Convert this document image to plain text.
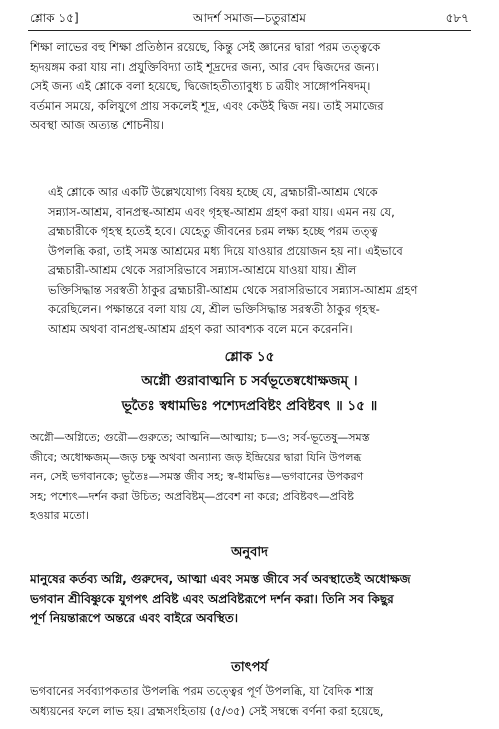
শ্লোক ১৫]	আদর্শ সমাজ—চতুরাশ্রম	৫৮৭
শিক্ষা লাভের বহু শিক্ষা প্রতিষ্ঠান রয়েছে, কিন্তু সেই জ্ঞানের দ্বারা পরম তত্ত্বকে
হৃদয়ঙ্গম করা যায় না। প্রযুক্তিবিদ্যা তাই শূদ্রদের জন্য, আর বেদ দ্বিজদের জন্য।
সেই জন্য এই শ্লোকে বলা হয়েছে, দ্বিজোহতীত্যাবুধ্য চ ত্রয়ীং সাঙ্গোপনিষদম্।
বর্তমান সময়ে, কলিযুগে প্রায় সকলেই শূদ্র, এবং কেউই দ্বিজ নয়। তাই সমাজের
অবস্থা আজ অত্যন্ত শোচনীয়।
এই শ্লোকে আর একটি উল্লেখযোগ্য বিষয় হচ্ছে যে, ব্রহ্মচারী-আশ্রম থেকে
সন্ন্যাস-আশ্রম, বানপ্রস্থ-আশ্রম এবং গৃহস্থ-আশ্রম গ্রহণ করা যায়। এমন নয় যে,
ব্রহ্মচারীকে গৃহস্থ হতেই হবে। যেহেতু জীবনের চরম লক্ষ্য হচ্ছে পরম তত্ত্ব
উপলব্ধি করা, তাই সমস্ত আশ্রমের মধ্য দিয়ে যাওয়ার প্রয়োজন হয় না। এইভাবে
ব্রহ্মচারী-আশ্রম থেকে সরাসরিভাবে সন্ন্যাস-আশ্রমে যাওয়া যায়। শ্রীল
ভক্তিসিদ্ধান্ত সরস্বতী ঠাকুর ব্রহ্মচারী-আশ্রম থেকে সরাসরিভাবে সন্ন্যাস-আশ্রম গ্রহণ
করেছিলেন। পক্ষান্তরে বলা যায় যে, শ্রীল ভক্তিসিদ্ধান্ত সরস্বতী ঠাকুর গৃহস্থ-
আশ্রম অথবা বানপ্রস্থ-আশ্রম গ্রহণ করা আবশ্যক বলে মনে করেননি।
শ্লোক ১৫
অগ্নৌ গুরাবাত্মনি চ সর্বভূতেষ্বধোক্ষজম্ ।
ভূতৈঃ স্বধামভিঃ পশ্যেদপ্রবিষ্টং প্রবিষ্টবৎ ॥ ১৫ ॥
অগ্নৌ—অগ্নিতে; গুরৌ—গুরুতে; আত্মনি—আত্মায়; চ—ও; সর্ব-ভূতেষু—সমস্ত
জীবে; অধোক্ষজম্—জড় চক্ষু অথবা অন্যান্য জড় ইন্দ্রিয়ের দ্বারা যিনি উপলব্ধ
নন, সেই ভগবানকে; ভূতৈঃ—সমস্ত জীব সহ; স্ব-ধামভিঃ—ভগবানের উপকরণ
সহ; পশ্যেৎ—দর্শন করা উচিত; অপ্রবিষ্টম্—প্রবেশ না করে; প্রবিষ্টবৎ—প্রবিষ্ট
হওয়ার মতো।
অনুবাদ
মানুষের কর্তব্য অগ্নি, গুরুদেব, আত্মা এবং সমস্ত জীবে সর্ব অবস্থাতেই অধোক্ষজ
ভগবান শ্রীবিষ্ণুকে যুগপৎ প্রবিষ্ট এবং অপ্রবিষ্টরূপে দর্শন করা। তিনি সব কিছুর
পূর্ণ নিয়ন্তারূপে অন্তরে এবং বাইরে অবস্থিত।
তাৎপর্য
ভগবানের সর্বব্যাপকতার উপলব্ধি পরম তত্ত্বের পূর্ণ উপলব্ধি, যা বৈদিক শাস্ত্র
অধ্যয়নের ফলে লাভ হয়। ব্রহ্মসংহিতায় (৫/৩৫) সেই সম্বন্ধে বর্ণনা করা হয়েছে,
